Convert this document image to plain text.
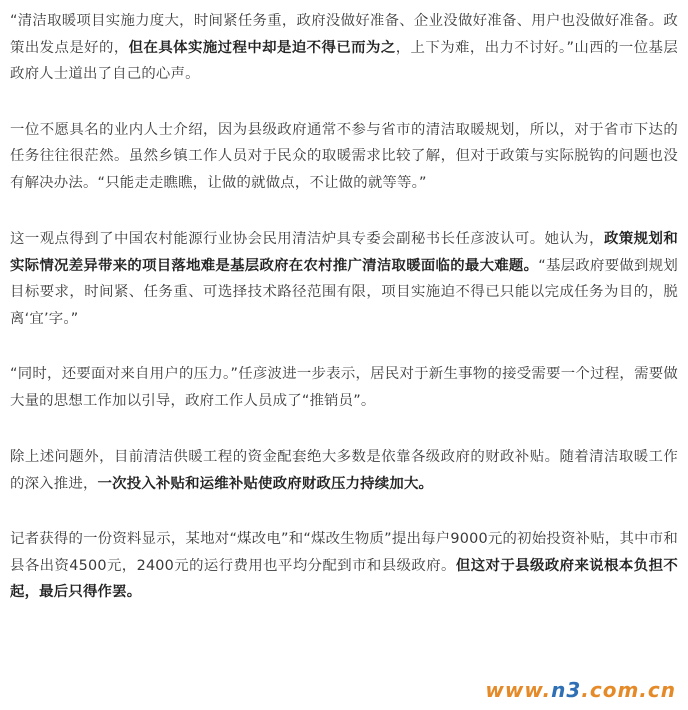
“清洁取暖项目实施力度大，时间紧任务重，政府没做好准备、企业没做好准备、用户也没做好准备。政策出发点是好的，但在具体实施过程中却是迫不得已而为之，上下为难，出力不讨好。”山西的一位基层政府人士道出了自己的心声。

一位不愿具名的业内人士介绍，因为县级政府通常不参与省市的清洁取暖规划，所以，对于省市下达的任务往往很茫然。虽然乡镇工作人员对于民众的取暖需求比较了解，但对于政策与实际脱钩的问题也没有解决办法。“只能走走瞧瞧，让做的就做点，不让做的就等等。”

这一观点得到了中国农村能源行业协会民用清洁炉具专委会副秘书长任彦波认可。她认为，政策规划和实际情况差异带来的项目落地难是基层政府在农村推广清洁取暖面临的最大难题。“基层政府要做到规划目标要求，时间紧、任务重、可选择技术路径范围有限，项目实施迫不得已只能以完成任务为目的，脱离‘宜’字。”

“同时，还要面对来自用户的压力。”任彦波进一步表示，居民对于新生事物的接受需要一个过程，需要做大量的思想工作加以引导，政府工作人员成了“推销员”。

除上述问题外，目前清洁供暖工程的资金配套绝大多数是依靠各级政府的财政补贴。随着清洁取暖工作的深入推进，一次投入补贴和运维补贴使政府财政压力持续加大。

记者获得的一份资料显示，某地对“煤改电”和“煤改生物质”提出每户9000元的初始投资补贴，其中市和县各出资4500元，2400元的运行费用也平均分配到市和县级政府。但这对于县级政府来说根本负担不起，最后只得作罢。

www.n3.com.cn
